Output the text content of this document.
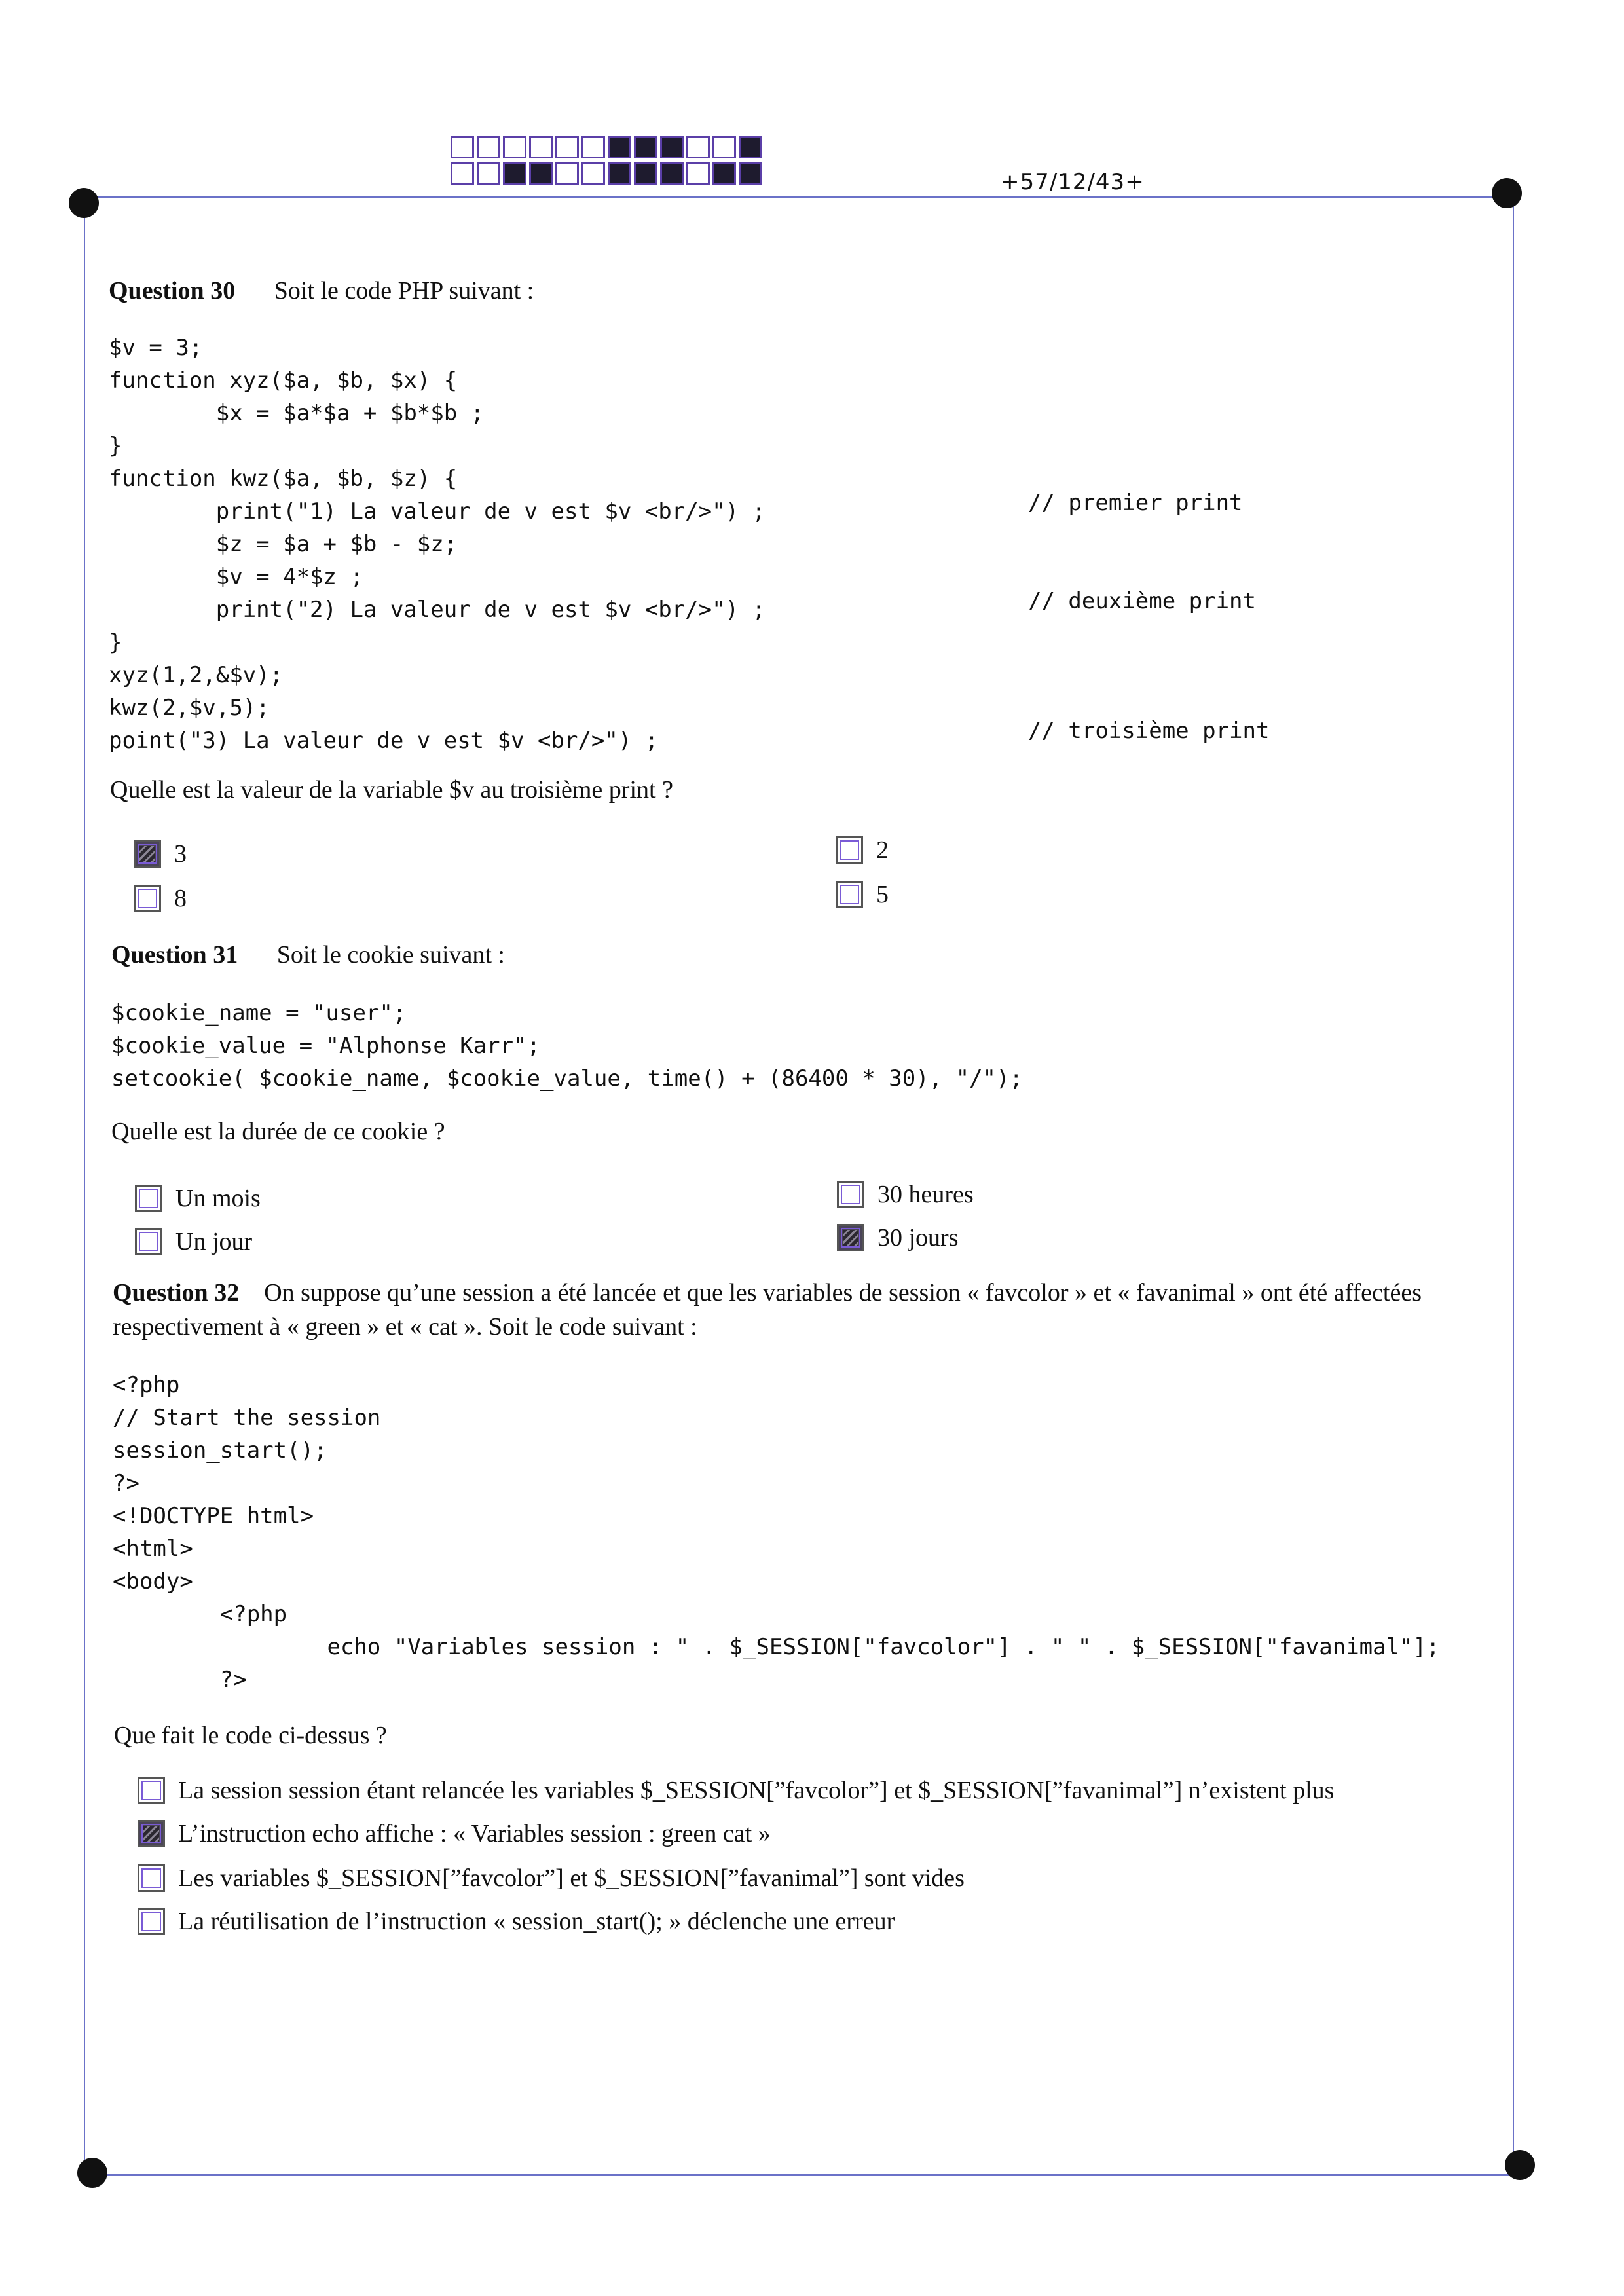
+57/12/43+
Question 30 Soit le code PHP suivant :
$v = 3;
function xyz($a, $b, $x) {
$x = $a*$a + $b*$b ;
}
function kwz($a, $b, $z) {
print("1) La valeur de v est $v <br/>") ;
$z = $a + $b - $z;
$v = 4*$z ;
print("2) La valeur de v est $v <br/>") ;
}
xyz(1,2,&$v);
kwz(2,$v,5);
point("3) La valeur de v est $v <br/>") ;
// premier print
// deuxième print
// troisième print
Quelle est la valeur de la variable $v au troisième print ?
3
8
2
5
Question 31 Soit le cookie suivant :
$cookie_name = "user";
$cookie_value = "Alphonse Karr";
setcookie( $cookie_name, $cookie_value, time() + (86400 * 30), "/");
Quelle est la durée de ce cookie ?
Un mois
Un jour
30 heures
30 jours
Question 32 On suppose qu’une session a été lancée et que les variables de session « favcolor » et « favanimal » ont été affectées respectivement à « green » et « cat ». Soit le code suivant :
<?php
// Start the session
session_start();
?>
<!DOCTYPE html>
<html>
<body>
<?php
echo "Variables session : " . $_SESSION["favcolor"] . " " . $_SESSION["favanimal"];
?>
Que fait le code ci-dessus ?
La session session étant relancée les variables $_SESSION[”favcolor”] et $_SESSION[”favanimal”] n’existent plus
L’instruction echo affiche : « Variables session : green cat »
Les variables $_SESSION[”favcolor”] et $_SESSION[”favanimal”] sont vides
La réutilisation de l’instruction « session_start(); » déclenche une erreur
